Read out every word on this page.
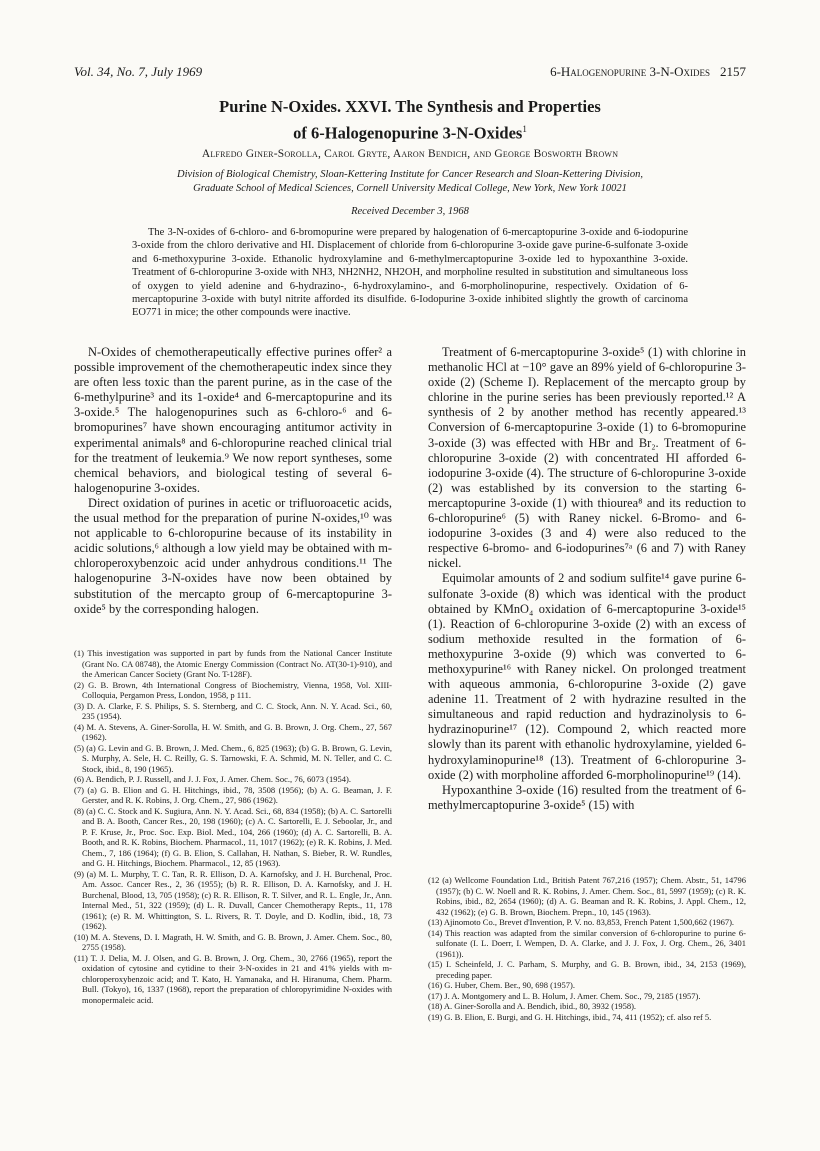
Vol. 34, No. 7, July 1969	6-Halogenopurine 3-N-Oxides 2157
Purine N-Oxides. XXVI. The Synthesis and Properties
of 6-Halogenopurine 3-N-Oxides$^1$
Alfredo Giner-Sorolla, Carol Gryte, Aaron Bendich, and George Bosworth Brown
Division of Biological Chemistry, Sloan-Kettering Institute for Cancer Research and Sloan-Kettering Division,
Graduate School of Medical Sciences, Cornell University Medical College, New York, New York 10021
Received December 3, 1968
The 3-N-oxides of 6-chloro- and 6-bromopurine were prepared by halogenation of 6-mercaptopurine 3-oxide and 6-iodopurine 3-oxide from the chloro derivative and HI. Displacement of chloride from 6-chloropurine 3-oxide gave purine-6-sulfonate 3-oxide and 6-methoxypurine 3-oxide. Ethanolic hydroxylamine and 6-methylmercaptopurine 3-oxide led to hypoxanthine 3-oxide. Treatment of 6-chloropurine 3-oxide with NH3, NH2NH2, NH2OH, and morpholine resulted in substitution and simultaneous loss of oxygen to yield adenine and 6-hydrazino-, 6-hydroxylamino-, and 6-morpholinopurine, respectively. Oxidation of 6-mercaptopurine 3-oxide with butyl nitrite afforded its disulfide. 6-Iodopurine 3-oxide inhibited slightly the growth of carcinoma EO771 in mice; the other compounds were inactive.

N-Oxides of chemotherapeutically effective purines offer² a possible improvement of the chemotherapeutic index since they are often less toxic than the parent purine, as in the case of the 6-methylpurine³ and its 1-oxide⁴ and 6-mercaptopurine and its 3-oxide.⁵ The halogenopurines such as 6-chloro-⁶ and 6-bromopurines⁷ have shown encouraging antitumor activity in experimental animals⁸ and 6-chloropurine reached clinical trial for the treatment of leukemia.⁹ We now report syntheses, some chemical behaviors, and biological testing of several 6-halogenopurine 3-oxides.

Direct oxidation of purines in acetic or trifluoroacetic acids, the usual method for the preparation of purine N-oxides,¹⁰ was not applicable to 6-chloropurine because of its instability in acidic solutions,⁶ although a low yield may be obtained with m-chloroperoxybenzoic acid under anhydrous conditions.¹¹ The halogenopurine 3-N-oxides have now been obtained by substitution of the mercapto group of 6-mercaptopurine 3-oxide⁵ by the corresponding halogen.

Treatment of 6-mercaptopurine 3-oxide⁵ (1) with chlorine in methanolic HCl at −10° gave an 89% yield of 6-chloropurine 3-oxide (2) (Scheme I). Replacement of the mercapto group by chlorine in the purine series has been previously reported.¹² A synthesis of 2 by another method has recently appeared.¹³ Conversion of 6-mercaptopurine 3-oxide (1) to 6-bromopurine 3-oxide (3) was effected with HBr and Br₂. Treatment of 6-chloropurine 3-oxide (2) with concentrated HI afforded 6-iodopurine 3-oxide (4). The structure of 6-chloropurine 3-oxide (2) was established by its conversion to the starting 6-mercaptopurine 3-oxide (1) with thiourea⁸ and its reduction to 6-chloropurine⁶ (5) with Raney nickel. 6-Bromo- and 6-iodopurine 3-oxides (3 and 4) were also reduced to the respective 6-bromo- and 6-iodopurines⁷ᵃ (6 and 7) with Raney nickel.

Equimolar amounts of 2 and sodium sulfite¹⁴ gave purine 6-sulfonate 3-oxide (8) which was identical with the product obtained by KMnO₄ oxidation of 6-mercaptopurine 3-oxide¹⁵ (1). Reaction of 6-chloropurine 3-oxide (2) with an excess of sodium methoxide resulted in the formation of 6-methoxypurine 3-oxide (9) which was converted to 6-methoxypurine¹⁶ with Raney nickel. On prolonged treatment with aqueous ammonia, 6-chloropurine 3-oxide (2) gave adenine 11. Treatment of 2 with hydrazine resulted in the simultaneous and rapid reduction and hydrazinolysis to 6-hydrazinopurine¹⁷ (12). Compound 2, which reacted more slowly than its parent with ethanolic hydroxylamine, yielded 6-hydroxylaminopurine¹⁸ (13). Treatment of 6-chloropurine 3-oxide (2) with morpholine afforded 6-morpholinopurine¹⁹ (14).

Hypoxanthine 3-oxide (16) resulted from the treatment of 6-methylmercaptopurine 3-oxide⁵ (15) with

(1) This investigation was supported in part by funds from the National Cancer Institute (Grant No. CA 08748), the Atomic Energy Commission (Contract No. AT(30-1)-910), and the American Cancer Society (Grant No. T-128F).

(2) G. B. Brown, 4th International Congress of Biochemistry, Vienna, 1958, Vol. XIII-Colloquia, Pergamon Press, London, 1958, p 111.

(3) D. A. Clarke, F. S. Philips, S. S. Sternberg, and C. C. Stock, Ann. N. Y. Acad. Sci., 60, 235 (1954).

(4) M. A. Stevens, A. Giner-Sorolla, H. W. Smith, and G. B. Brown, J. Org. Chem., 27, 567 (1962).

(5) (a) G. Levin and G. B. Brown, J. Med. Chem., 6, 825 (1963); (b) G. B. Brown, G. Levin, S. Murphy, A. Sele, H. C. Reilly, G. S. Tarnowski, F. A. Schmid, M. N. Teller, and C. C. Stock, ibid., 8, 190 (1965).

(6) A. Bendich, P. J. Russell, and J. J. Fox, J. Amer. Chem. Soc., 76, 6073 (1954).

(7) (a) G. B. Elion and G. H. Hitchings, ibid., 78, 3508 (1956); (b) A. G. Beaman, J. F. Gerster, and R. K. Robins, J. Org. Chem., 27, 986 (1962).

(8) (a) C. C. Stock and K. Sugiura, Ann. N. Y. Acad. Sci., 68, 834 (1958); (b) A. C. Sartorelli and B. A. Booth, Cancer Res., 20, 198 (1960); (c) A. C. Sartorelli, E. J. Seboolar, Jr., and P. F. Kruse, Jr., Proc. Soc. Exp. Biol. Med., 104, 266 (1960); (d) A. C. Sartorelli, B. A. Booth, and R. K. Robins, Biochem. Pharmacol., 11, 1017 (1962); (e) R. K. Robins, J. Med. Chem., 7, 186 (1964); (f) G. B. Elion, S. Callahan, H. Nathan, S. Bieber, R. W. Rundles, and G. H. Hitchings, Biochem. Pharmacol., 12, 85 (1963).

(9) (a) M. L. Murphy, T. C. Tan, R. R. Ellison, D. A. Karnofsky, and J. H. Burchenal, Proc. Am. Assoc. Cancer Res., 2, 36 (1955); (b) R. R. Ellison, D. A. Karnofsky, and J. H. Burchenal, Blood, 13, 705 (1958); (c) R. R. Ellison, R. T. Silver, and R. L. Engle, Jr., Ann. Internal Med., 51, 322 (1959); (d) L. R. Duvall, Cancer Chemotherapy Repts., 11, 178 (1961); (e) R. M. Whittington, S. L. Rivers, R. T. Doyle, and D. Kodlin, ibid., 18, 73 (1962).

(10) M. A. Stevens, D. I. Magrath, H. W. Smith, and G. B. Brown, J. Amer. Chem. Soc., 80, 2755 (1958).

(11) T. J. Delia, M. J. Olsen, and G. B. Brown, J. Org. Chem., 30, 2766 (1965), report the oxidation of cytosine and cytidine to their 3-N-oxides in 21 and 41% yields with m-chloroperoxybenzoic acid; and T. Kato, H. Yamanaka, and H. Hiranuma, Chem. Pharm. Bull. (Tokyo), 16, 1337 (1968), report the preparation of chloropyrimidine N-oxides with monopermaleic acid.

(12 (a) Wellcome Foundation Ltd., British Patent 767,216 (1957); Chem. Abstr., 51, 14796 (1957); (b) C. W. Noell and R. K. Robins, J. Amer. Chem. Soc., 81, 5997 (1959); (c) R. K. Robins, ibid., 82, 2654 (1960); (d) A. G. Beaman and R. K. Robins, J. Appl. Chem., 12, 432 (1962); (e) G. B. Brown, Biochem. Prepn., 10, 145 (1963).

(13) Ajinomoto Co., Brevet d'Invention, P. V. no. 83,853, French Patent 1,500,662 (1967).

(14) This reaction was adapted from the similar conversion of 6-chloropurine to purine 6-sulfonate (I. L. Doerr, I. Wempen, D. A. Clarke, and J. J. Fox, J. Org. Chem., 26, 3401 (1961)).

(15) I. Scheinfeld, J. C. Parham, S. Murphy, and G. B. Brown, ibid., 34, 2153 (1969), preceding paper.

(16) G. Huber, Chem. Ber., 90, 698 (1957).

(17) J. A. Montgomery and L. B. Holum, J. Amer. Chem. Soc., 79, 2185 (1957).

(18) A. Giner-Sorolla and A. Bendich, ibid., 80, 3932 (1958).

(19) G. B. Elion, E. Burgi, and G. H. Hitchings, ibid., 74, 411 (1952); cf. also ref 5.
